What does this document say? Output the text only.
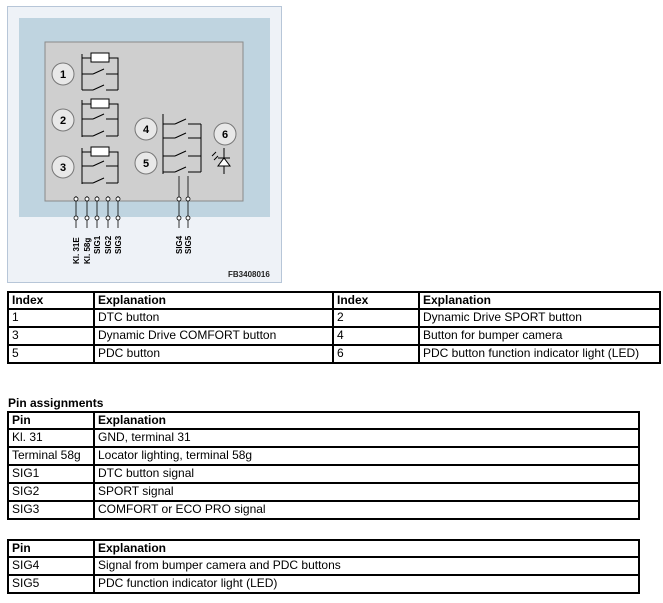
1
2
3
4
5
6
Kl. 31E Kl. 58g SIG1 SIG2 SIG3	SIG4 SIG5
FB3408016
Index	Explanation	Index	Explanation
1	DTC button	2	Dynamic Drive SPORT button
3	Dynamic Drive COMFORT button	4	Button for bumper camera
5	PDC button	6	PDC button function indicator light (LED)
Pin assignments
Pin	Explanation
Kl. 31	GND, terminal 31
Terminal 58g	Locator lighting, terminal 58g
SIG1	DTC button signal
SIG2	SPORT signal
SIG3	COMFORT or ECO PRO signal
Pin	Explanation
SIG4	Signal from bumper camera and PDC buttons
SIG5	PDC function indicator light (LED)
